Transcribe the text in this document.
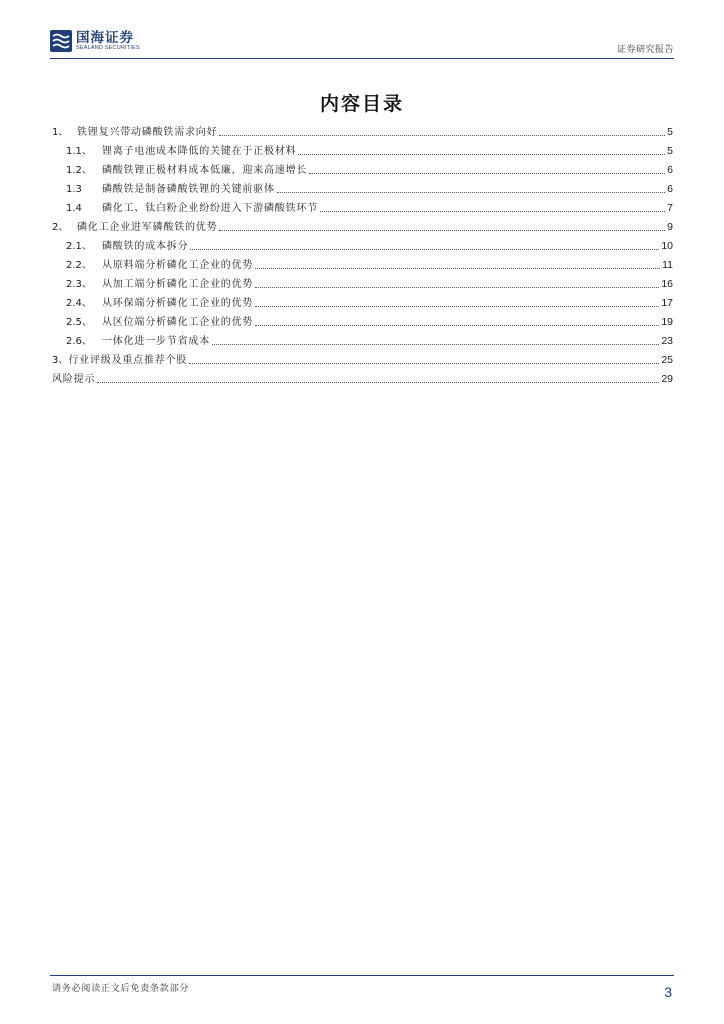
国海证券
SEALAND SECURITIES	证券研究报告
内容目录
1、 铁锂复兴带动磷酸铁需求向好	5
1.1、	锂离子电池成本降低的关键在于正极材料	5
1.2、	磷酸铁锂正极材料成本低廉，迎来高速增长	6
1.3	磷酸铁是制备磷酸铁锂的关键前驱体	6
1.4	磷化工、钛白粉企业纷纷进入下游磷酸铁环节	7
2、 磷化工企业进军磷酸铁的优势	9
2.1、	磷酸铁的成本拆分	10
2.2、	从原料端分析磷化工企业的优势	11
2.3、	从加工端分析磷化工企业的优势	16
2.4、	从环保端分析磷化工企业的优势	17
2.5、	从区位端分析磷化工企业的优势	19
2.6、	一体化进一步节省成本	23
3、 行业评级及重点推荐个股	25
风险提示	29
请务必阅读正文后免责条款部分	3
